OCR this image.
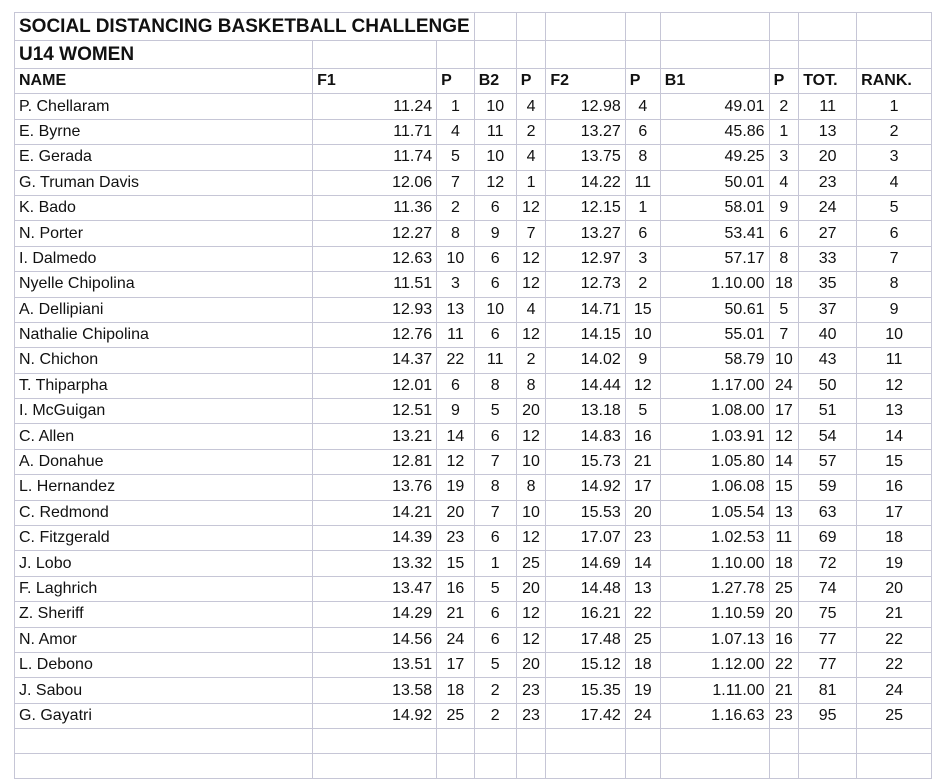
SOCIAL DISTANCING BASKETBALL CHALLENGE										
U14 WOMEN										
NAME	F1	P	B2	P	F2	P	B1	P	TOT.	RANK.
P. Chellaram	11.24	1	10	4	12.98	4	49.01	2	11	1
E. Byrne	11.71	4	11	2	13.27	6	45.86	1	13	2
E. Gerada	11.74	5	10	4	13.75	8	49.25	3	20	3
G. Truman Davis	12.06	7	12	1	14.22	11	50.01	4	23	4
K. Bado	11.36	2	6	12	12.15	1	58.01	9	24	5
N. Porter	12.27	8	9	7	13.27	6	53.41	6	27	6
I. Dalmedo	12.63	10	6	12	12.97	3	57.17	8	33	7
Nyelle Chipolina	11.51	3	6	12	12.73	2	1.10.00	18	35	8
A. Dellipiani	12.93	13	10	4	14.71	15	50.61	5	37	9
Nathalie Chipolina	12.76	11	6	12	14.15	10	55.01	7	40	10
N. Chichon	14.37	22	11	2	14.02	9	58.79	10	43	11
T. Thiparpha	12.01	6	8	8	14.44	12	1.17.00	24	50	12
I. McGuigan	12.51	9	5	20	13.18	5	1.08.00	17	51	13
C. Allen	13.21	14	6	12	14.83	16	1.03.91	12	54	14
A. Donahue	12.81	12	7	10	15.73	21	1.05.80	14	57	15
L. Hernandez	13.76	19	8	8	14.92	17	1.06.08	15	59	16
C. Redmond	14.21	20	7	10	15.53	20	1.05.54	13	63	17
C. Fitzgerald	14.39	23	6	12	17.07	23	1.02.53	11	69	18
J. Lobo	13.32	15	1	25	14.69	14	1.10.00	18	72	19
F. Laghrich	13.47	16	5	20	14.48	13	1.27.78	25	74	20
Z. Sheriff	14.29	21	6	12	16.21	22	1.10.59	20	75	21
N. Amor	14.56	24	6	12	17.48	25	1.07.13	16	77	22
L. Debono	13.51	17	5	20	15.12	18	1.12.00	22	77	22
J. Sabou	13.58	18	2	23	15.35	19	1.11.00	21	81	24
G. Gayatri	14.92	25	2	23	17.42	24	1.16.63	23	95	25
